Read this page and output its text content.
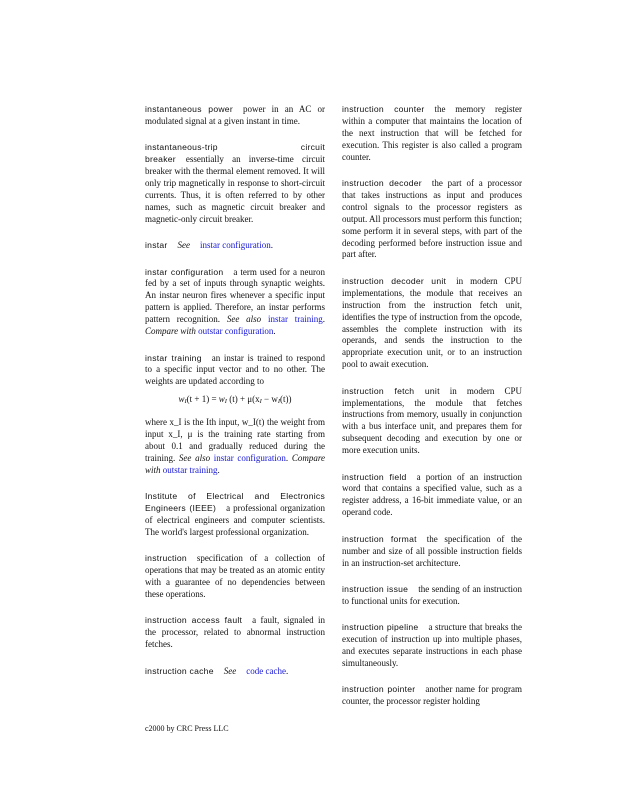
instantaneous power power in an AC or modulated signal at a given instant in time.
instantaneous-trip circuit breaker essentially an inverse-time circuit breaker with the thermal element removed. It will only trip magnetically in response to short-circuit currents. Thus, it is often referred to by other names, such as magnetic circuit breaker and magnetic-only circuit breaker.
instar See instar configuration.
instar configuration a term used for a neuron fed by a set of inputs through synaptic weights. An instar neuron fires whenever a specific input pattern is applied. Therefore, an instar performs pattern recognition. See also instar training. Compare with outstar configuration.
instar training an instar is trained to respond to a specific input vector and to no other. The weights are updated according to
$w_I(t + 1) = w_I$ $(t) + \mu(x_I - w_I(t))$
where x_I is the Ith input, w_I(t) the weight from input x_I, μ is the training rate starting from about 0.1 and gradually reduced during the training. See also instar configuration. Compare with outstar training.
Institute of Electrical and Electronics Engineers (IEEE) a professional organization of electrical engineers and computer scientists. The world's largest professional organization.
instruction specification of a collection of operations that may be treated as an atomic entity with a guarantee of no dependencies between these operations.
instruction access fault a fault, signaled in the processor, related to abnormal instruction fetches.
instruction cache See code cache.
instruction counter the memory register within a computer that maintains the location of the next instruction that will be fetched for execution. This register is also called a program counter.
instruction decoder the part of a processor that takes instructions as input and produces control signals to the processor registers as output. All processors must perform this function; some perform it in several steps, with part of the decoding performed before instruction issue and part after.
instruction decoder unit in modern CPU implementations, the module that receives an instruction from the instruction fetch unit, identifies the type of instruction from the opcode, assembles the complete instruction with its operands, and sends the instruction to the appropriate execution unit, or to an instruction pool to await execution.
instruction fetch unit in modern CPU implementations, the module that fetches instructions from memory, usually in conjunction with a bus interface unit, and prepares them for subsequent decoding and execution by one or more execution units.
instruction field a portion of an instruction word that contains a specified value, such as a register address, a 16-bit immediate value, or an operand code.
instruction format the specification of the number and size of all possible instruction fields in an instruction-set architecture.
instruction issue the sending of an instruction to functional units for execution.
instruction pipeline a structure that breaks the execution of instruction up into multiple phases, and executes separate instructions in each phase simultaneously.
instruction pointer another name for program counter, the processor register holding
c2000 by CRC Press LLC
